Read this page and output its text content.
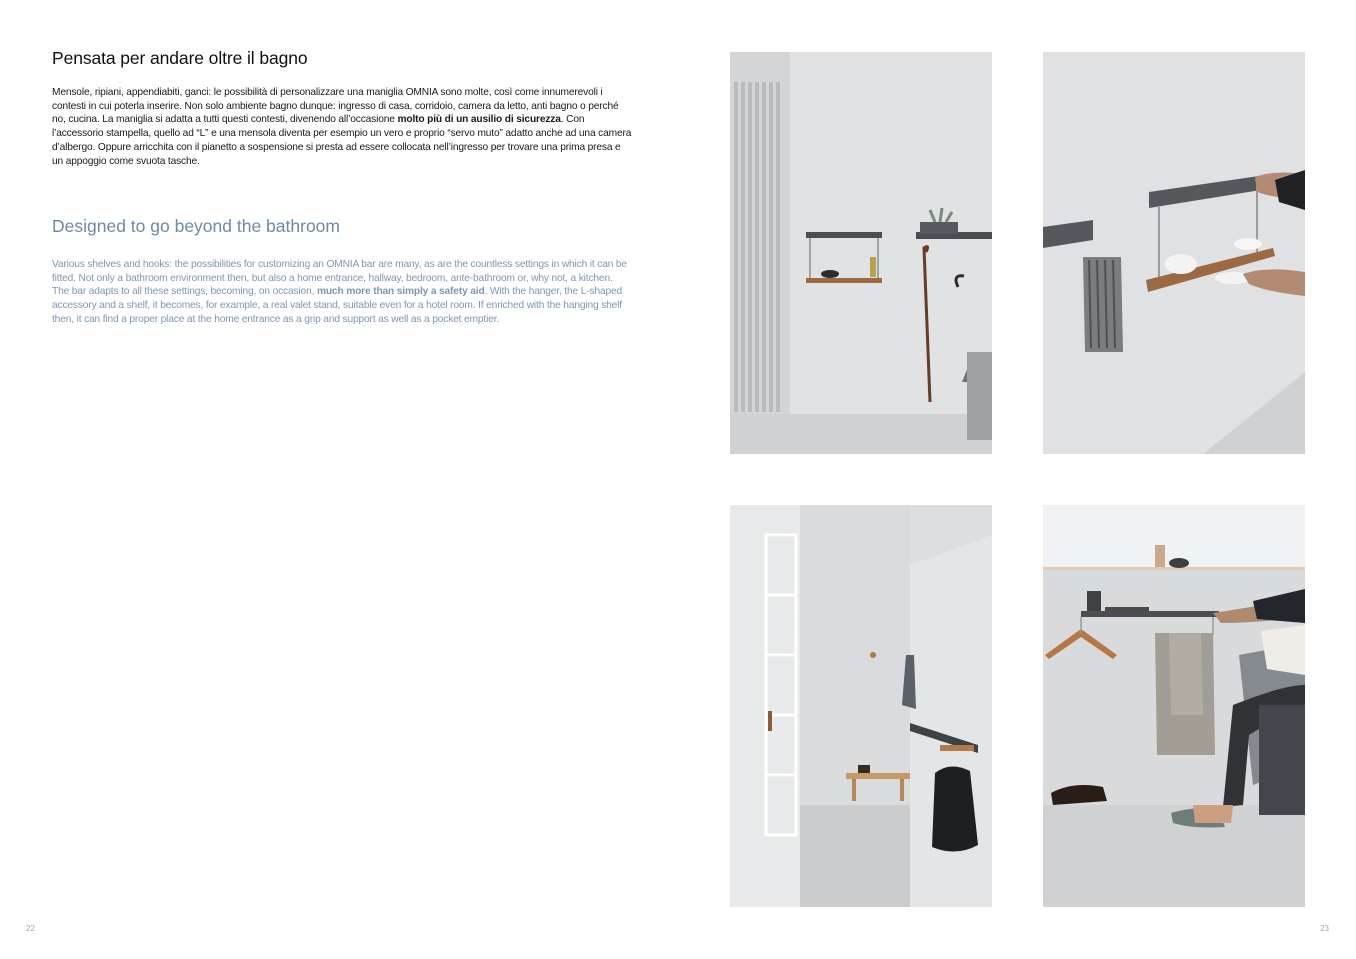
Pensata per andare oltre il bagno

Mensole, ripiani, appendiabiti, ganci: le possibilità di personalizzare una maniglia OMNIA sono molte, così come innumerevoli i contesti in cui poterla inserire. Non solo ambiente bagno dunque: ingresso di casa, corridoio, camera da letto, anti bagno o perché no, cucina. La maniglia si adatta a tutti questi contesti, divenendo all’occasione molto più di un ausilio di sicurezza. Con l’accessorio stampella, quello ad “L” e una mensola diventa per esempio un vero e proprio “servo muto” adatto anche ad una camera d’albergo. Oppure arricchita con il pianetto a sospensione si presta ad essere collocata nell’ingresso per trovare una prima presa e un appoggio come svuota tasche.

Designed to go beyond the bathroom

Various shelves and hooks: the possibilities for customizing an OMNIA bar are many, as are the countless settings in which it can be fitted. Not only a bathroom environment then, but also a home entrance, hallway, bedroom, ante-bathroom or, why not, a kitchen. The bar adapts to all these settings, becoming, on occasion, much more than simply a safety aid. With the hanger, the L-shaped accessory and a shelf, it becomes, for example, a real valet stand, suitable even for a hotel room. If enriched with the hanging shelf then, it can find a proper place at the home entrance as a grip and support as well as a pocket emptier.

22	23
